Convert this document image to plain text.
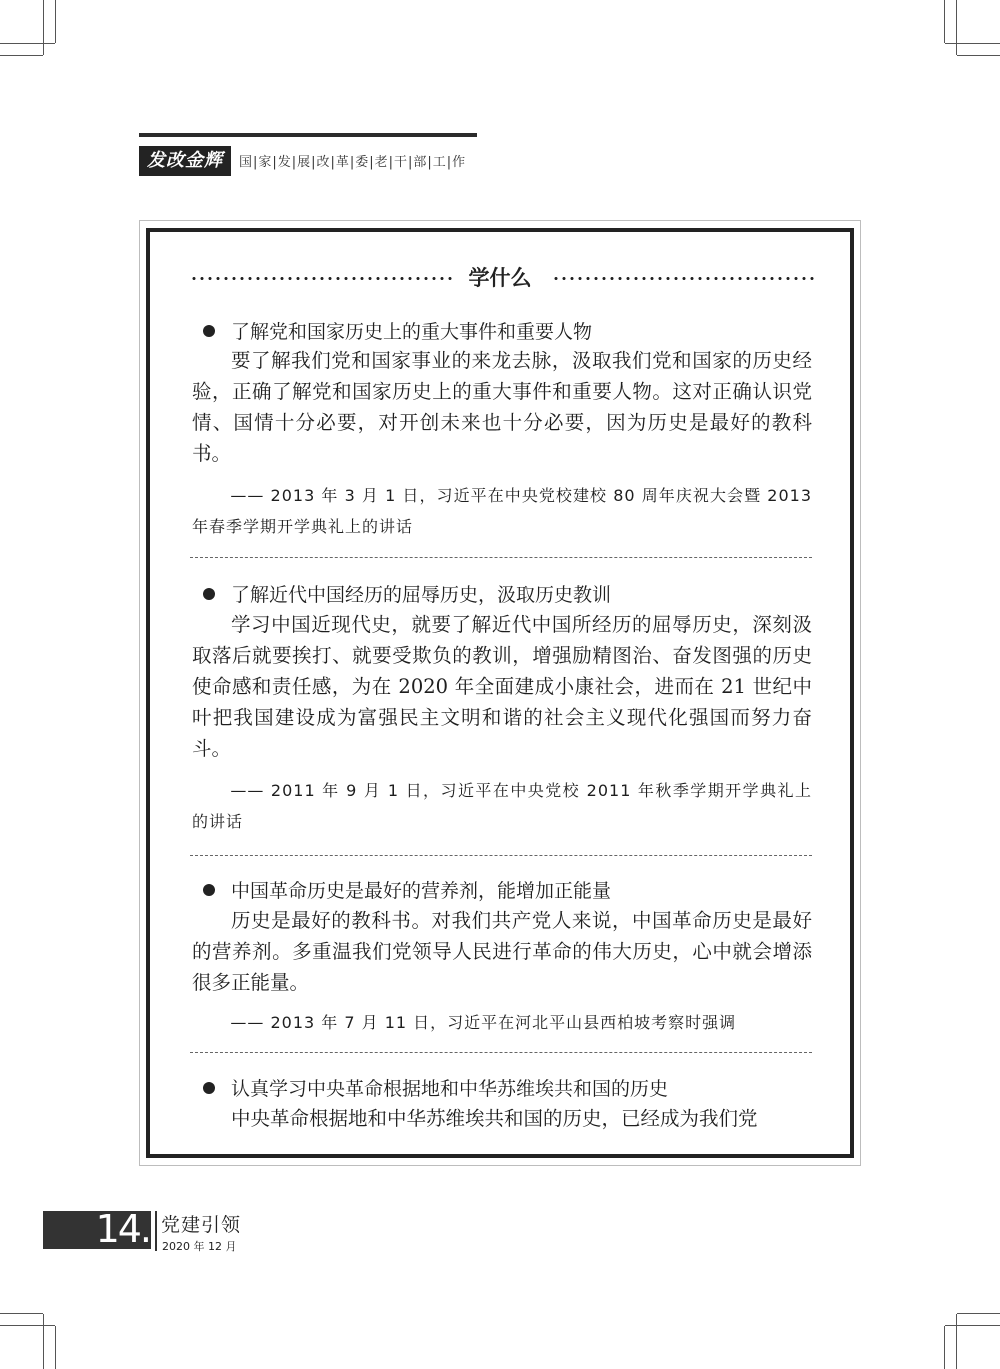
发改金辉	国|家|发|展|改|革|委|老|干|部|工|作
学什么
了解党和国家历史上的重大事件和重要人物
要了解我们党和国家事业的来龙去脉，汲取我们党和国家的历史经验，正确了解党和国家历史上的重大事件和重要人物。这对正确认识党情、国情十分必要，对开创未来也十分必要，因为历史是最好的教科书。
—— 2013 年 3 月 1 日，习近平在中央党校建校 80 周年庆祝大会暨 2013 年春季学期开学典礼上的讲话
了解近代中国经历的屈辱历史，汲取历史教训
学习中国近现代史，就要了解近代中国所经历的屈辱历史，深刻汲取落后就要挨打、就要受欺负的教训，增强励精图治、奋发图强的历史使命感和责任感，为在 2020 年全面建成小康社会，进而在 21 世纪中叶把我国建设成为富强民主文明和谐的社会主义现代化强国而努力奋斗。
—— 2011 年 9 月 1 日，习近平在中央党校 2011 年秋季学期开学典礼上的讲话
中国革命历史是最好的营养剂，能增加正能量
历史是最好的教科书。对我们共产党人来说，中国革命历史是最好的营养剂。多重温我们党领导人民进行革命的伟大历史，心中就会增添很多正能量。
—— 2013 年 7 月 11 日，习近平在河北平山县西柏坡考察时强调
认真学习中央革命根据地和中华苏维埃共和国的历史
中央革命根据地和中华苏维埃共和国的历史，已经成为我们党
14. 党建引领
2020 年 12 月
